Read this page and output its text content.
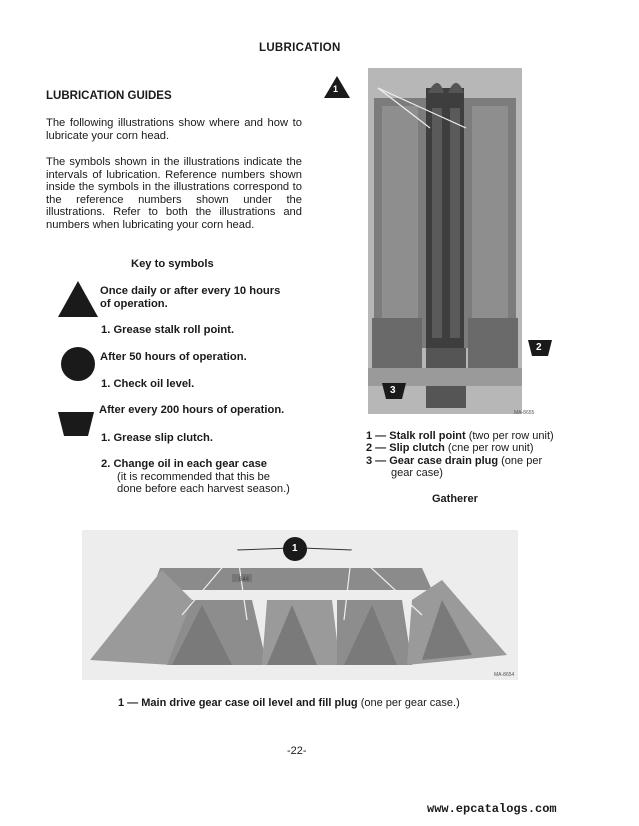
LUBRICATION
LUBRICATION GUIDES
The following illustrations show where and how to lubricate your corn head.
The symbols shown in the illustrations indicate the intervals of lubrication. Reference numbers shown inside the symbols in the illustrations correspond to the reference numbers shown under the illustrations. Refer to both the illustrations and numbers when lubricating your corn head.
Key to symbols
Once daily or after every 10 hours
of operation.
1. Grease stalk roll point.
After 50 hours of operation.
1. Check oil level.
After every 200 hours of operation.
1. Grease slip clutch.
2. Change oil in each gear case
(it is recommended that this be
done before each harvest season.)
1
2
3
MA-8655
1 — Stalk roll point (two per row unit)
2 — Slip clutch (cne per row unit)
3 — Gear case drain plug (one per
gear case)
Gatherer
1
844
MA-8654
1 — Main drive gear case oil level and fill plug (one per gear case.)
-22-
www.epcatalogs.com
